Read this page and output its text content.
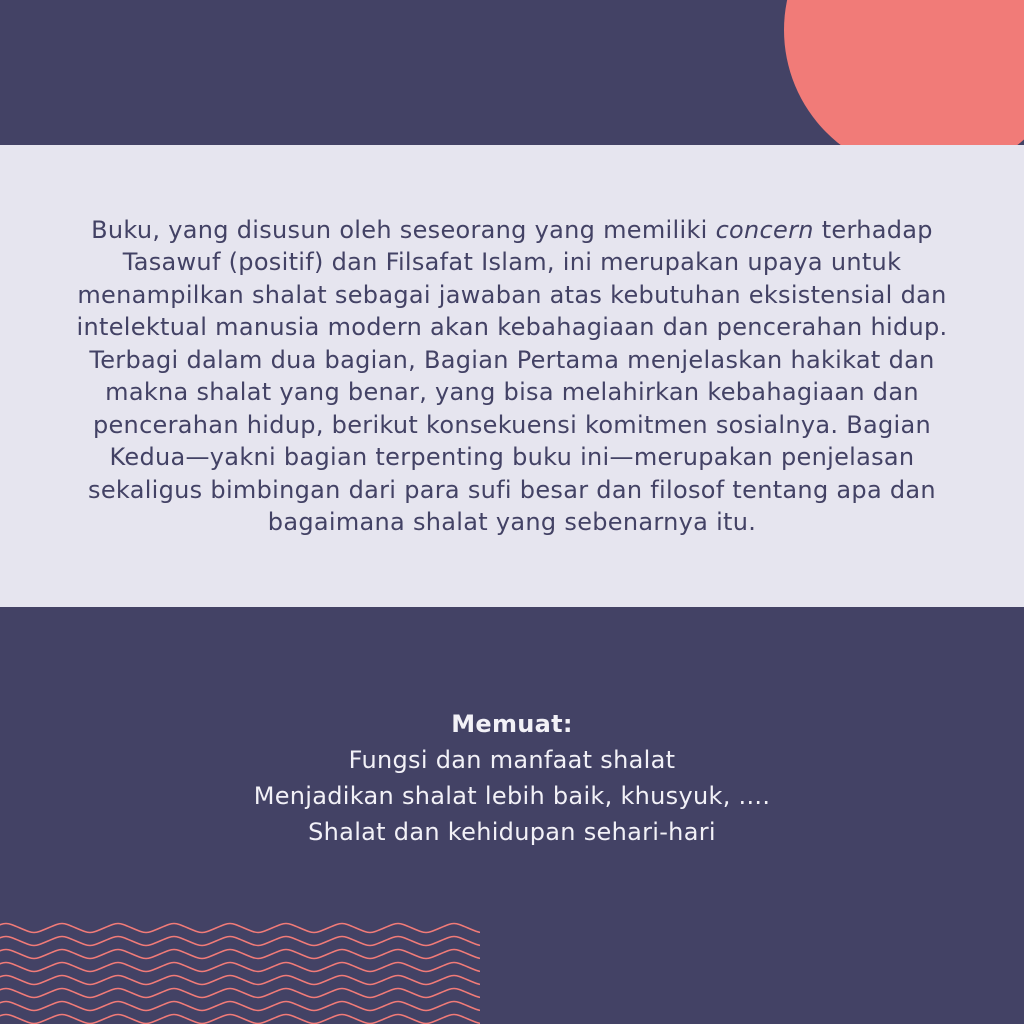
Buku, yang disusun oleh seseorang yang memiliki concern terhadap Tasawuf (positif) dan Filsafat Islam, ini merupakan upaya untuk menampilkan shalat sebagai jawaban atas kebutuhan eksistensial dan intelektual manusia modern akan kebahagiaan dan pencerahan hidup. Terbagi dalam dua bagian, Bagian Pertama menjelaskan hakikat dan makna shalat yang benar, yang bisa melahirkan kebahagiaan dan pencerahan hidup, berikut konsekuensi komitmen sosialnya. Bagian Kedua—yakni bagian terpenting buku ini—merupakan penjelasan sekaligus bimbingan dari para sufi besar dan filosof tentang apa dan bagaimana shalat yang sebenarnya itu.

Memuat:
Fungsi dan manfaat shalat
Menjadikan shalat lebih baik, khusyuk, ....
Shalat dan kehidupan sehari-hari
